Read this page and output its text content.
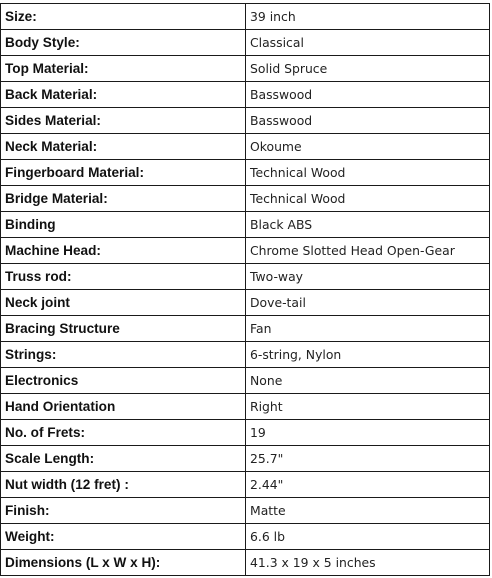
Size:	39 inch
Body Style:	Classical
Top Material:	Solid Spruce
Back Material:	Basswood
Sides Material:	Basswood
Neck Material:	Okoume
Fingerboard Material:	Technical Wood
Bridge Material:	Technical Wood
Binding	Black ABS
Machine Head:	Chrome Slotted Head Open-Gear
Truss rod:	Two-way
Neck joint	Dove-tail
Bracing Structure	Fan
Strings:	6-string, Nylon
Electronics	None
Hand Orientation	Right
No. of Frets:	19
Scale Length:	25.7"
Nut width (12 fret) :	2.44"
Finish:	Matte
Weight:	6.6 lb
Dimensions (L x W x H):	41.3 x 19 x 5 inches
